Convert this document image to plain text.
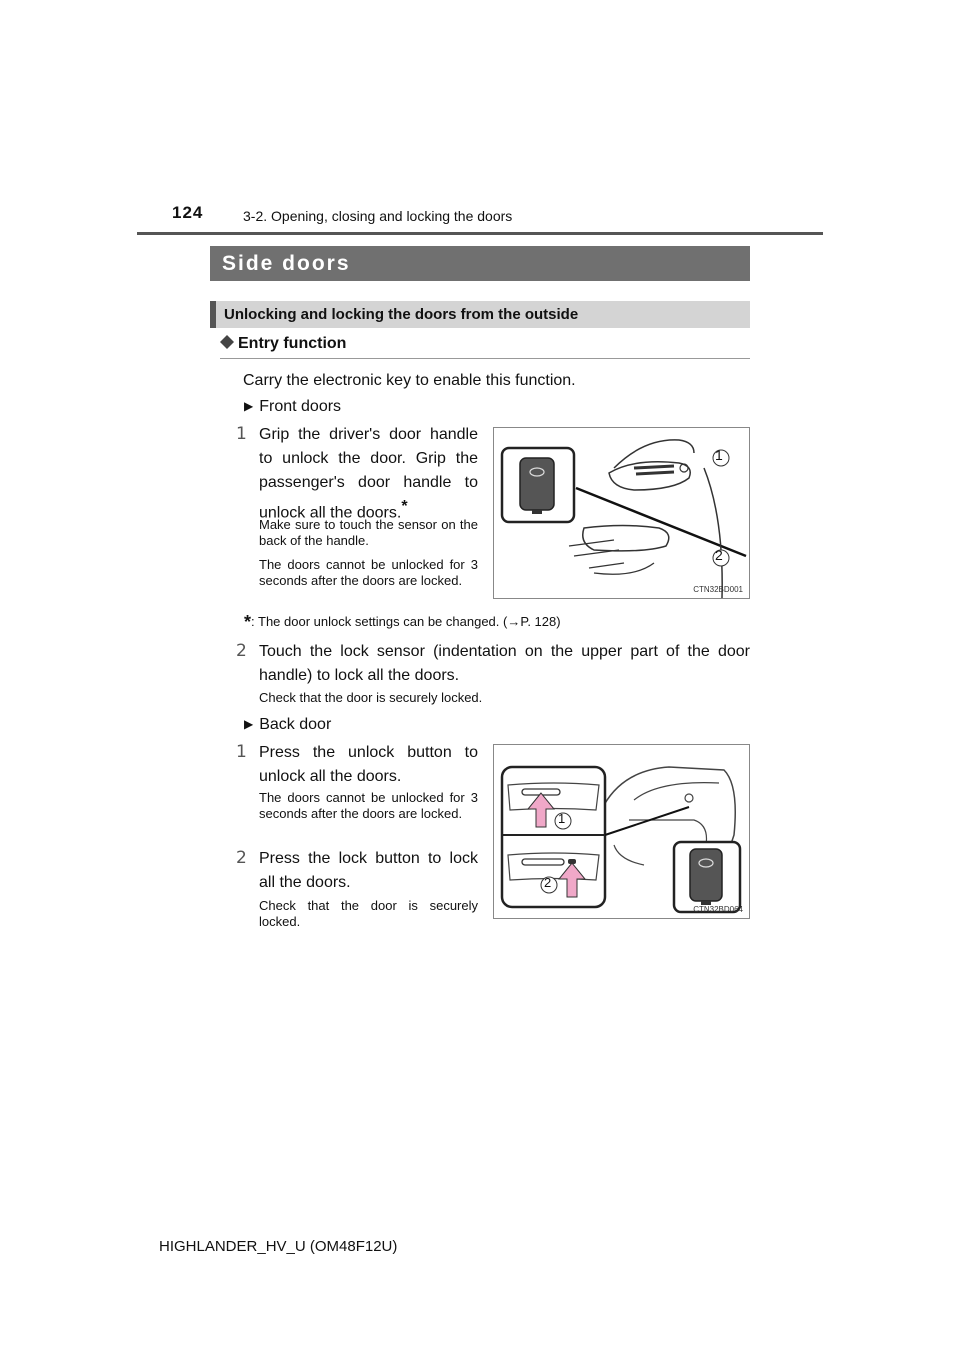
124	3-2. Opening, closing and locking the doors
Side doors
Unlocking and locking the doors from the outside
Entry function
Carry the electronic key to enable this function.
▶ Front doors
1 Grip the driver's door handle to unlock the door. Grip the passenger's door handle to unlock all the doors.*
Make sure to touch the sensor on the back of the handle.
The doors cannot be unlocked for 3 seconds after the doors are locked.
1
2
CTN32BD001
*: The door unlock settings can be changed. (→P. 128)
2 Touch the lock sensor (indentation on the upper part of the door handle) to lock all the doors.
Check that the door is securely locked.
▶ Back door
1 Press the unlock button to unlock all the doors.
The doors cannot be unlocked for 3 seconds after the doors are locked.
2 Press the lock button to lock all the doors.
Check that the door is securely locked.
1
2
CTN32BD064
HIGHLANDER_HV_U (OM48F12U)
